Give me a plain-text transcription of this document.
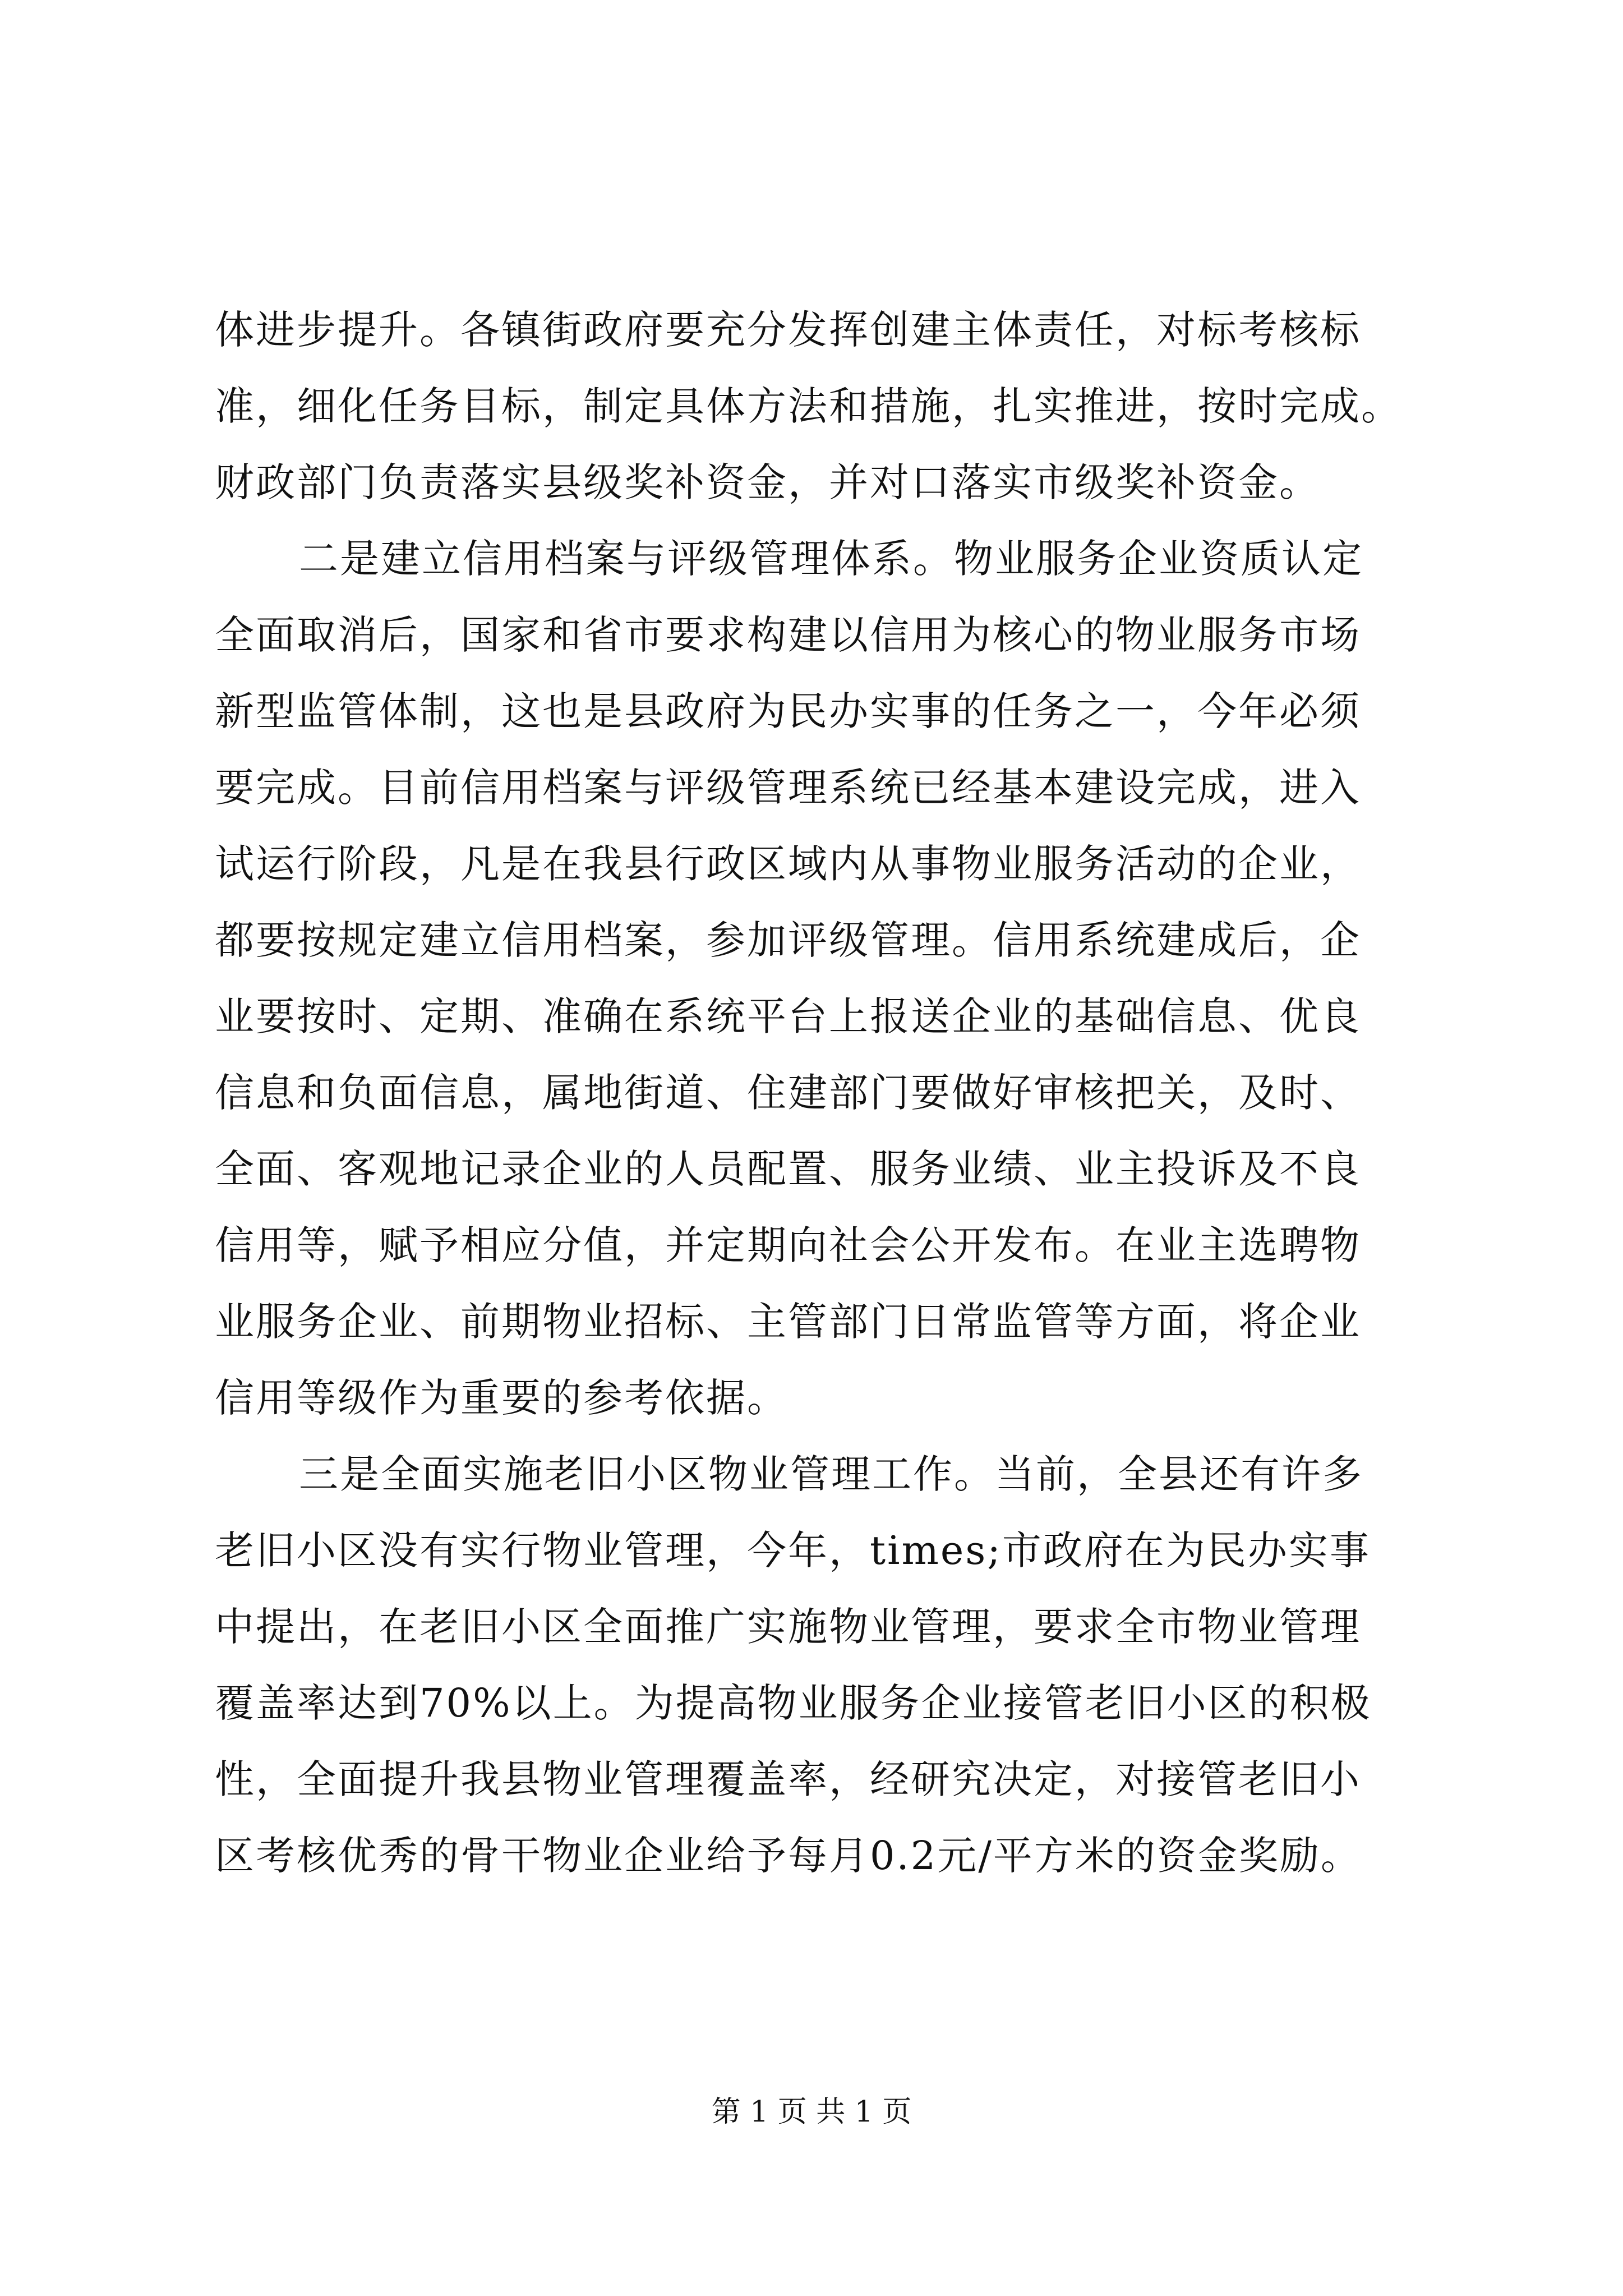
体进步提升。各镇街政府要充分发挥创建主体责任，对标考核标
准，细化任务目标，制定具体方法和措施，扎实推进，按时完成。
财政部门负责落实县级奖补资金，并对口落实市级奖补资金。
二是建立信用档案与评级管理体系。物业服务企业资质认定
全面取消后，国家和省市要求构建以信用为核心的物业服务市场
新型监管体制，这也是县政府为民办实事的任务之一，今年必须
要完成。目前信用档案与评级管理系统已经基本建设完成，进入
试运行阶段，凡是在我县行政区域内从事物业服务活动的企业，
都要按规定建立信用档案，参加评级管理。信用系统建成后，企
业要按时、定期、准确在系统平台上报送企业的基础信息、优良
信息和负面信息，属地街道、住建部门要做好审核把关，及时、
全面、客观地记录企业的人员配置、服务业绩、业主投诉及不良
信用等，赋予相应分值，并定期向社会公开发布。在业主选聘物
业服务企业、前期物业招标、主管部门日常监管等方面，将企业
信用等级作为重要的参考依据。
三是全面实施老旧小区物业管理工作。当前，全县还有许多
老旧小区没有实行物业管理，今年，times;市政府在为民办实事
中提出，在老旧小区全面推广实施物业管理，要求全市物业管理
覆盖率达到70%以上。为提高物业服务企业接管老旧小区的积极
性，全面提升我县物业管理覆盖率，经研究决定，对接管老旧小
区考核优秀的骨干物业企业给予每月0.2元/平方米的资金奖励。
第 1 页 共 1 页
